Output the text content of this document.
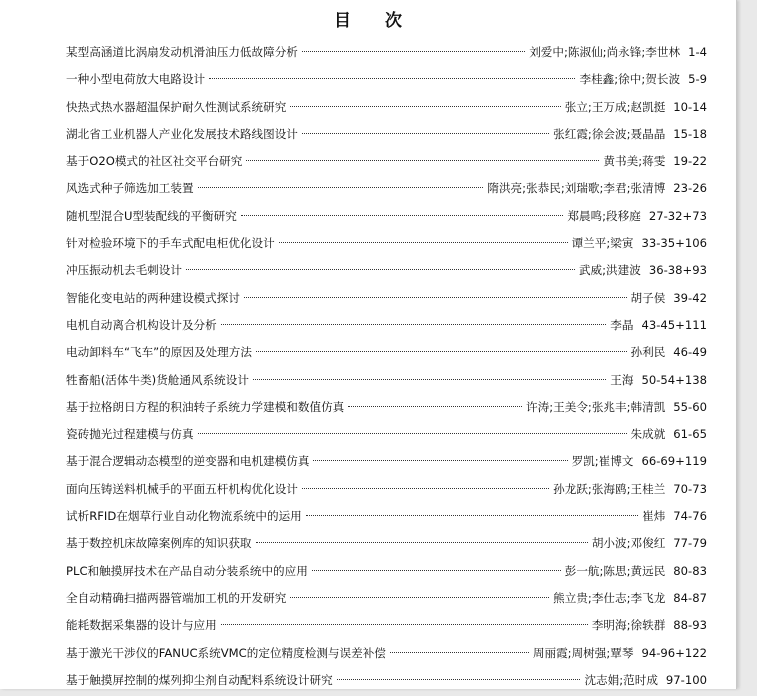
目 次
某型高涵道比涡扇发动机滑油压力低故障分析	刘爱中;陈淑仙;尚永锋;李世林 1-4
一种小型电荷放大电路设计	李桂鑫;徐中;贺长波 5-9
快热式热水器超温保护耐久性测试系统研究	张立;王万成;赵凯挺 10-14
湖北省工业机器人产业化发展技术路线图设计	张红霞;徐会波;聂晶晶 15-18
基于O2O模式的社区社交平台研究	黄书美;蒋雯 19-22
风选式种子筛选加工装置	隋洪亮;张恭民;刘瑞歌;李君;张清博 23-26
随机型混合U型装配线的平衡研究	郑晨鸣;段移庭 27-32+73
针对检验环境下的手车式配电柜优化设计	谭兰平;梁寅 33-35+106
冲压振动机去毛刺设计	武威;洪建波 36-38+93
智能化变电站的两种建设模式探讨	胡子侯 39-42
电机自动离合机构设计及分析	李晶 43-45+111
电动卸料车“飞车”的原因及处理方法	孙利民 46-49
牲畜船(活体牛类)货舱通风系统设计	王海 50-54+138
基于拉格朗日方程的积油转子系统力学建模和数值仿真	许涛;王美令;张兆丰;韩清凯 55-60
瓷砖抛光过程建模与仿真	朱成就 61-65
基于混合逻辑动态模型的逆变器和电机建模仿真	罗凯;崔博文 66-69+119
面向压铸送料机械手的平面五杆机构优化设计	孙龙跃;张海鸥;王桂兰 70-73
试析RFID在烟草行业自动化物流系统中的运用	崔炜 74-76
基于数控机床故障案例库的知识获取	胡小波;邓俊红 77-79
PLC和触摸屏技术在产品自动分装系统中的应用	彭一航;陈思;黄远民 80-83
全自动精确扫描两器管端加工机的开发研究	熊立贵;李仕志;李飞龙 84-87
能耗数据采集器的设计与应用	李明海;徐轶群 88-93
基于激光干涉仪的FANUC系统VMC的定位精度检测与误差补偿	周丽霞;周树强;覃琴 94-96+122
基于触摸屏控制的煤列抑尘剂自动配料系统设计研究	沈志娟;范时成 97-100
